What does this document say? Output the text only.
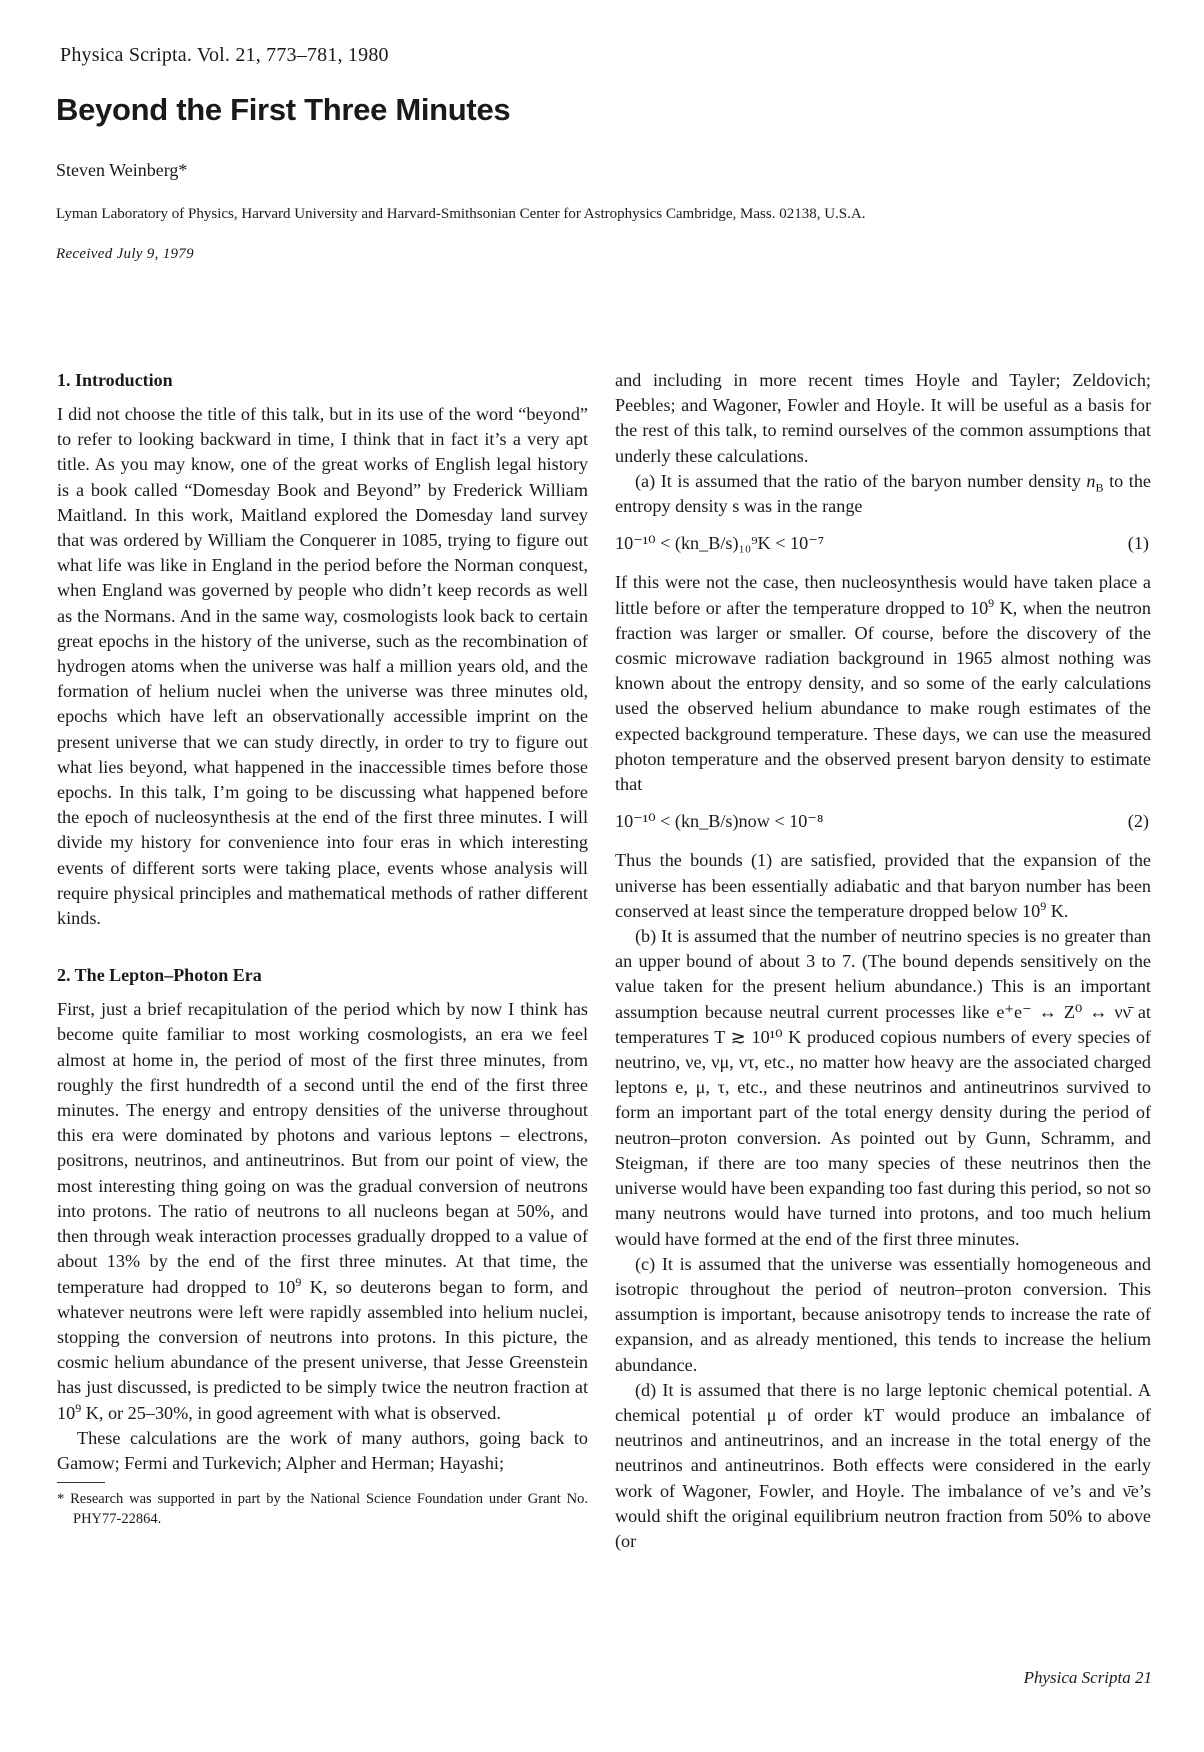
Physica Scripta. Vol. 21, 773–781, 1980
Beyond the First Three Minutes
Steven Weinberg*
Lyman Laboratory of Physics, Harvard University and Harvard-Smithsonian Center for Astrophysics Cambridge, Mass. 02138, U.S.A.
Received July 9, 1979
1. Introduction

I did not choose the title of this talk, but in its use of the word “beyond” to refer to looking backward in time, I think that in fact it’s a very apt title. As you may know, one of the great works of English legal history is a book called “Domesday Book and Beyond” by Frederick William Maitland. In this work, Maitland explored the Domesday land survey that was ordered by William the Conquerer in 1085, trying to figure out what life was like in England in the period before the Norman conquest, when England was governed by people who didn’t keep records as well as the Normans. And in the same way, cosmologists look back to certain great epochs in the history of the universe, such as the recombination of hydrogen atoms when the universe was half a million years old, and the formation of helium nuclei when the universe was three minutes old, epochs which have left an observationally accessible imprint on the present universe that we can study directly, in order to try to figure out what lies beyond, what happened in the inaccessible times before those epochs. In this talk, I’m going to be discussing what happened before the epoch of nucleosynthesis at the end of the first three minutes. I will divide my history for convenience into four eras in which interesting events of different sorts were taking place, events whose analysis will require physical principles and mathematical methods of rather different kinds.

2. The Lepton–Photon Era

First, just a brief recapitulation of the period which by now I think has become quite familiar to most working cosmologists, an era we feel almost at home in, the period of most of the first three minutes, from roughly the first hundredth of a second until the end of the first three minutes. The energy and entropy densities of the universe throughout this era were dominated by photons and various leptons – electrons, positrons, neutrinos, and antineutrinos. But from our point of view, the most interesting thing going on was the gradual conversion of neutrons into protons. The ratio of neutrons to all nucleons began at 50%, and then through weak interaction processes gradually dropped to a value of about 13% by the end of the first three minutes. At that time, the temperature had dropped to $10^9$ K, so deuterons began to form, and whatever neutrons were left were rapidly assembled into helium nuclei, stopping the conversion of neutrons into protons. In this picture, the cosmic helium abundance of the present universe, that Jesse Greenstein has just discussed, is predicted to be simply twice the neutron fraction at $10^9$ K, or 25–30%, in good agreement with what is observed.

These calculations are the work of many authors, going back to Gamow; Fermi and Turkevich; Alpher and Herman; Hayashi;

* Research was supported in part by the National Science Foundation under Grant No. PHY77-22864.

and including in more recent times Hoyle and Tayler; Zeldovich; Peebles; and Wagoner, Fowler and Hoyle. It will be useful as a basis for the rest of this talk, to remind ourselves of the common assumptions that underly these calculations.

(a) It is assumed that the ratio of the baryon number density $n_B$ to the entropy density s was in the range

10⁻¹⁰ < (kn_B/s)₁₀⁹K < 10⁻⁷	(1)

If this were not the case, then nucleosynthesis would have taken place a little before or after the temperature dropped to $10^9$ K, when the neutron fraction was larger or smaller. Of course, before the discovery of the cosmic microwave radiation background in 1965 almost nothing was known about the entropy density, and so some of the early calculations used the observed helium abundance to make rough estimates of the expected background temperature. These days, we can use the measured photon temperature and the observed present baryon density to estimate that

10⁻¹⁰ < (kn_B/s)now < 10⁻⁸	(2)

Thus the bounds (1) are satisfied, provided that the expansion of the universe has been essentially adiabatic and that baryon number has been conserved at least since the temperature dropped below $10^9$ K.

(b) It is assumed that the number of neutrino species is no greater than an upper bound of about 3 to 7. (The bound depends sensitively on the value taken for the present helium abundance.) This is an important assumption because neutral current processes like e⁺e⁻ ↔ Z⁰ ↔ νν̄ at temperatures T ≳ 10¹⁰ K produced copious numbers of every species of neutrino, νe, νμ, ντ, etc., no matter how heavy are the associated charged leptons e, μ, τ, etc., and these neutrinos and antineutrinos survived to form an important part of the total energy density during the period of neutron–proton conversion. As pointed out by Gunn, Schramm, and Steigman, if there are too many species of these neutrinos then the universe would have been expanding too fast during this period, so not so many neutrons would have turned into protons, and too much helium would have formed at the end of the first three minutes.

(c) It is assumed that the universe was essentially homogeneous and isotropic throughout the period of neutron–proton conversion. This assumption is important, because anisotropy tends to increase the rate of expansion, and as already mentioned, this tends to increase the helium abundance.

(d) It is assumed that there is no large leptonic chemical potential. A chemical potential μ of order kT would produce an imbalance of neutrinos and antineutrinos, and an increase in the total energy of the neutrinos and antineutrinos. Both effects were considered in the early work of Wagoner, Fowler, and Hoyle. The imbalance of νe’s and ν̄e’s would shift the original equilibrium neutron fraction from 50% to above (or

Physica Scripta 21
